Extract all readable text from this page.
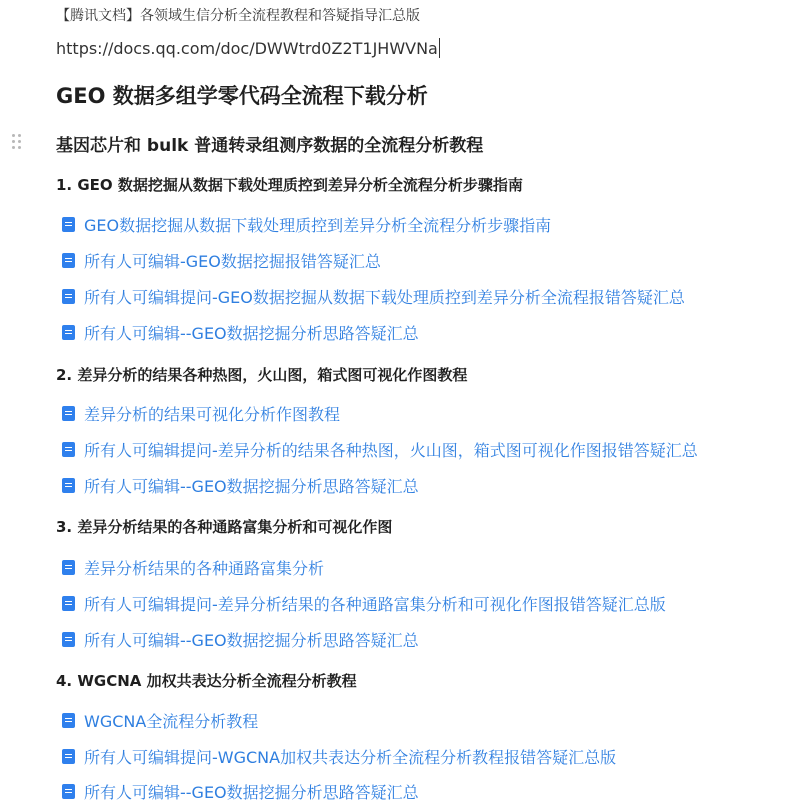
【腾讯文档】各领域生信分析全流程教程和答疑指导汇总版
https://docs.qq.com/doc/DWWtrd0Z2T1JHWVNa
GEO 数据多组学零代码全流程下载分析
基因芯片和 bulk 普通转录组测序数据的全流程分析教程
1. GEO 数据挖掘从数据下载处理质控到差异分析全流程分析步骤指南
GEO数据挖掘从数据下载处理质控到差异分析全流程分析步骤指南
所有人可编辑-GEO数据挖掘报错答疑汇总
所有人可编辑提问-GEO数据挖掘从数据下载处理质控到差异分析全流程报错答疑汇总
所有人可编辑--GEO数据挖掘分析思路答疑汇总
2. 差异分析的结果各种热图，火山图，箱式图可视化作图教程
差异分析的结果可视化分析作图教程
所有人可编辑提问-差异分析的结果各种热图，火山图，箱式图可视化作图报错答疑汇总
所有人可编辑--GEO数据挖掘分析思路答疑汇总
3. 差异分析结果的各种通路富集分析和可视化作图
差异分析结果的各种通路富集分析
所有人可编辑提问-差异分析结果的各种通路富集分析和可视化作图报错答疑汇总版
所有人可编辑--GEO数据挖掘分析思路答疑汇总
4. WGCNA 加权共表达分析全流程分析教程
WGCNA全流程分析教程
所有人可编辑提问-WGCNA加权共表达分析全流程分析教程报错答疑汇总版
所有人可编辑--GEO数据挖掘分析思路答疑汇总
